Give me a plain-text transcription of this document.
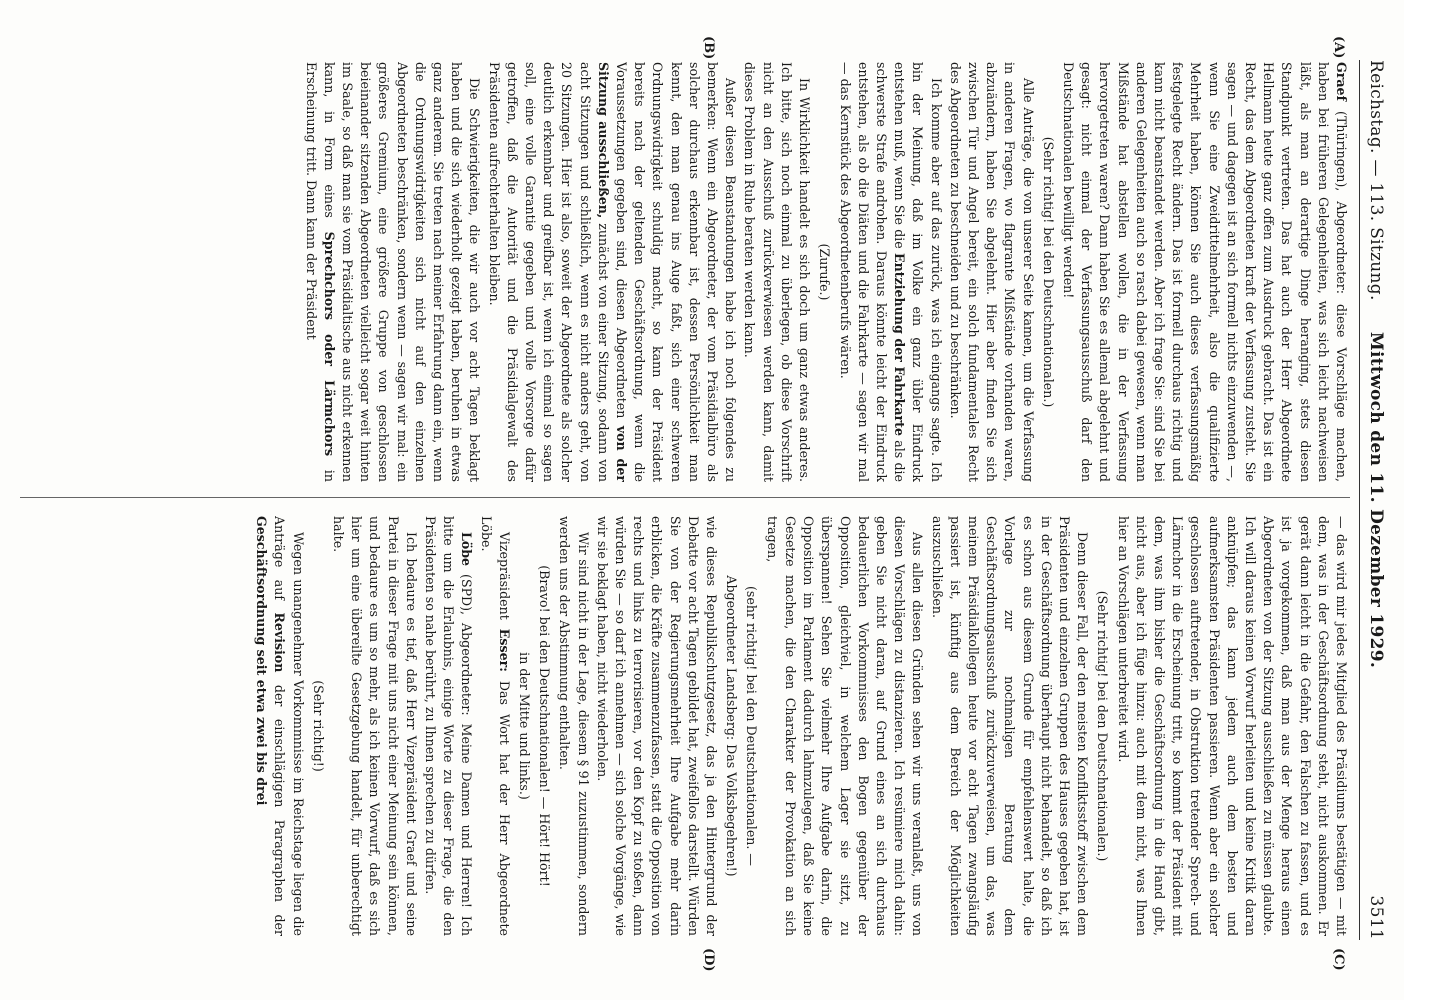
Reichstag. — 113. Sitzung.
Mittwoch den 11. Dezember 1929.
3511
(A)
(B)
(C)
(D)

Graef (Thüringen), Abgeordneter: diese Vorschläge machen, haben bei früheren Gelegenheiten, was sich leicht nachweisen läßt, als man an derartige Dinge heranging, stets diesen Standpunkt vertreten. Das hat auch der Herr Abgeordnete Hellmann heute ganz offen zum Ausdruck gebracht. Das ist ein Recht, das dem Abgeordneten kraft der Verfassung zusteht. Sie sagen — und dagegen ist an sich formell nichts einzuwenden —, wenn Sie eine Zweidrittelmehrheit, also die qualifizierte Mehrheit haben, können Sie auch dieses verfassungsmäßig festgelegte Recht ändern. Das ist formell durchaus richtig und kann nicht beanstandet werden. Aber ich frage Sie: sind Sie bei anderen Gelegenheiten auch so rasch dabei gewesen, wenn man Mißstände hat abstellen wollen, die in der Verfassung hervorgetreten waren? Dann haben Sie es allemal abgelehnt und gesagt: nicht einmal der Verfassungsausschuß darf den Deutschnationalen bewilligt werden!

(Sehr richtig! bei den Deutschnationalen.)

Alle Anträge, die von unserer Seite kamen, um die Verfassung in anderen Fragen, wo flagrante Mißstände vorhanden waren, abzuändern, haben Sie abgelehnt. Hier aber finden Sie sich zwischen Tür und Angel bereit, ein solch fundamentales Recht des Abgeordneten zu beschneiden und zu beschränken.

Ich komme aber auf das zurück, was ich eingangs sagte. Ich bin der Meinung, daß im Volke ein ganz übler Eindruck entstehen muß, wenn Sie die Entziehung der Fahrkarte als die schwerste Strafe androhen. Daraus könnte leicht der Eindruck entstehen, als ob die Diäten und die Fahrkarte — sagen wir mal — das Kernstück des Abgeordnetenberufs wären.

(Zurufe.)

In Wirklichkeit handelt es sich doch um ganz etwas anderes. Ich bitte, sich noch einmal zu überlegen, ob diese Vorschrift nicht an den Ausschuß zurückverwiesen werden kann, damit dieses Problem in Ruhe beraten werden kann.

Außer diesen Beanstandungen habe ich noch folgendes zu bemerken: Wenn ein Abgeordneter, der vom Präsidialbüro als solcher durchaus erkennbar ist, dessen Persönlichkeit man kennt, den man genau ins Auge faßt, sich einer schweren Ordnungswidrigkeit schuldig macht, so kann der Präsident bereits nach der geltenden Geschäftsordnung, wenn die Voraussetzungen gegeben sind, diesen Abgeordneten von der Sitzung ausschließen, zunächst von einer Sitzung, sodann von acht Sitzungen und schließlich, wenn es nicht anders geht, von 20 Sitzungen. Hier ist also, soweit der Abgeordnete als solcher deutlich erkennbar und greifbar ist, wenn ich einmal so sagen soll, eine volle Garantie gegeben und volle Vorsorge dafür getroffen, daß die Autorität und die Präsidialgewalt des Präsidenten aufrechterhalten bleiben.

Die Schwierigkeiten, die wir auch vor acht Tagen beklagt haben und die sich wiederholt gezeigt haben, beruhen in etwas ganz anderem. Sie treten nach meiner Erfahrung dann ein, wenn die Ordnungswidrigkeiten sich nicht auf den einzelnen Abgeordneten beschränken, sondern wenn — sagen wir mal: ein größeres Gremium, eine größere Gruppe von geschlossen beieinander sitzenden Abgeordneten vielleicht sogar weit hinten im Saale, so daß man sie vom Präsidialtische aus nicht erkennen kann, in Form eines Sprechchors oder Lärmchors in Erscheinung tritt. Dann kann der Präsident

— das wird mir jedes Mitglied des Präsidiums bestätigen — mit dem, was in der Geschäftsordnung steht, nicht auskommen. Er gerät dann leicht in die Gefahr, den Falschen zu fassen, und es ist ja vorgekommen, daß man aus der Menge heraus einen Abgeordneten von der Sitzung ausschließen zu müssen glaubte. Ich will daraus keinen Vorwurf herleiten und keine Kritik daran anknüpfen; das kann jedem auch dem besten und aufmerksamsten Präsidenten passieren. Wenn aber ein solcher geschlossen auftretender, in Obstruktion tretender Sprech- und Lärmchor in die Erscheinung tritt, so kommt der Präsident mit dem, was ihm bisher die Geschäftsordnung in die Hand gibt, nicht aus, aber ich füge hinzu: auch mit dem nicht, was Ihnen hier an Vorschlägen unterbreitet wird.

(Sehr richtig! bei den Deutschnationalen.)

Denn dieser Fall, der den meisten Konfliktsstoff zwischen dem Präsidenten und einzelnen Gruppen des Hauses gegeben hat, ist in der Geschäftsordnung überhaupt nicht behandelt, so daß ich es schon aus diesem Grunde für empfehlenswert halte, die Vorlage zur nochmaligen Beratung dem Geschäftsordnungsausschuß zurückzuverweisen, um das, was meinem Präsidialkollegen heute vor acht Tagen zwangsläufig passiert ist, künftig aus dem Bereich der Möglichkeiten auszuschließen.

Aus allen diesen Gründen sehen wir uns veranlaßt, uns von diesen Vorschlägen zu distanzieren. Ich resümiere mich dahin: geben Sie nicht daran, auf Grund eines an sich durchaus bedauerlichen Vorkommnisses den Bogen gegenüber der Opposition, gleichviel, in welchem Lager sie sitzt, zu überspannen! Sehen Sie vielmehr Ihre Aufgabe darin, die Opposition im Parlament dadurch lahmzulegen, daß Sie keine Gesetze machen, die den Charakter der Provokation an sich tragen,

(sehr richtig! bei den Deutschnationalen. —

Abgeordneter Landsberg: Das Volksbegehren!)

wie dieses Republikschutzgesetz, das ja den Hintergrund der Debatte vor acht Tagen gebildet hat, zweifellos darstellt. Würden Sie von der Regierungsmehrheit Ihre Aufgabe mehr darin erblicken, die Kräfte zusammenzufassen, statt die Opposition von rechts und links zu terrorisieren, vor den Kopf zu stoßen, dann würden Sie — so darf ich annehmen — sich solche Vorgänge, wie wir sie beklagt haben, nicht wiederholen.

Wir sind nicht in der Lage, diesem § 91 zuzustimmen, sondern werden uns der Abstimmung enthalten.

(Bravo! bei den Deutschnationalen! — Hört! Hört!

in der Mitte und links.)

Vizepräsident Esser: Das Wort hat der Herr Abgeordnete Löbe.

Löbe (SPD), Abgeordneter: Meine Damen und Herren! Ich bitte um die Erlaubnis, einige Worte zu dieser Frage, die den Präsidenten so nahe berührt, zu Ihnen sprechen zu dürfen.

Ich bedaure es tief, daß Herr Vizepräsident Graef und seine Partei in dieser Frage mit uns nicht einer Meinung sein können, und bedaure es um so mehr, als ich keinen Vorwurf, daß es sich hier um eine übereilte Gesetzgebung handelt, für unberechtigt halte.

(Sehr richtig!)

Wegen unangenehmer Vorkommnisse im Reichstage liegen die Anträge auf Revision der einschlägigen Paragraphen der Geschäftsordnung seit etwa zwei bis drei
